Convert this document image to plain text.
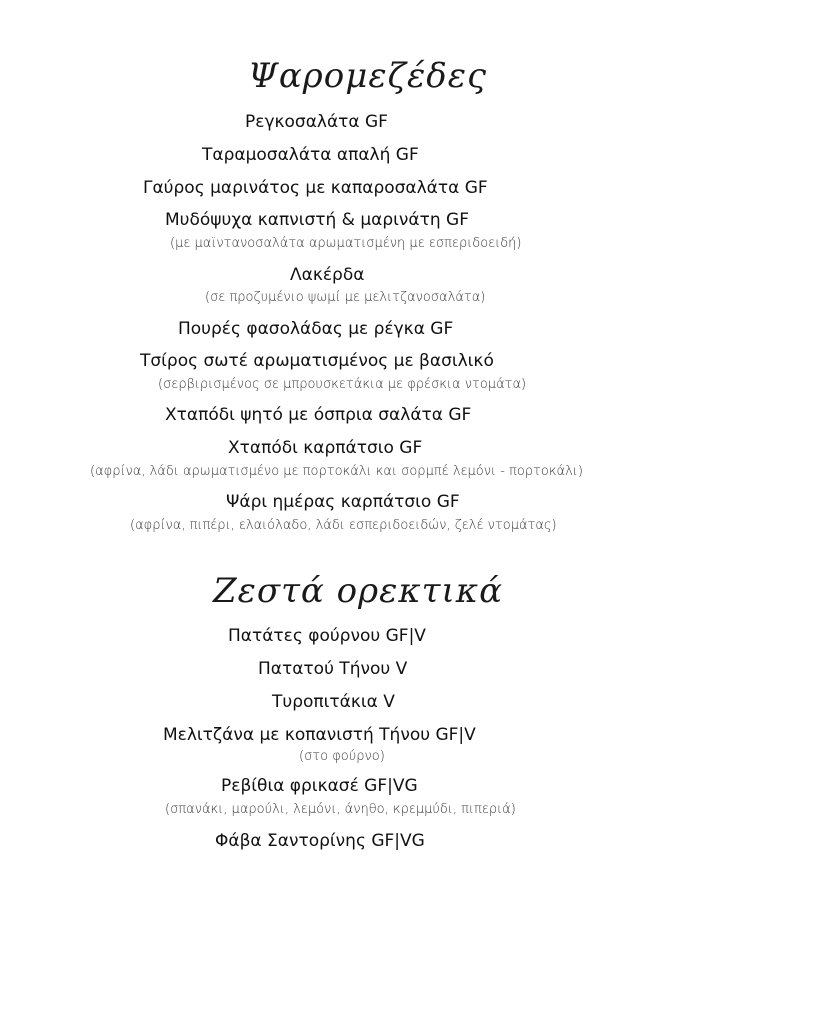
Ψαρομεζέδες
Ρεγκοσαλάτα GF
Ταραμοσαλάτα απαλή GF
Γαύρος μαρινάτος με καπαροσαλάτα GF
Μυδόψυχα καπνιστή & μαρινάτη GF
(με μαϊντανοσαλάτα αρωματισμένη με εσπεριδοειδή)
Λακέρδα
(σε προζυμένιο ψωμί με μελιτζανοσαλάτα)
Πουρές φασολάδας με ρέγκα GF
Τσίρος σωτέ αρωματισμένος με βασιλικό
(σερβιρισμένος σε μπρουσκετάκια με φρέσκια ντομάτα)
Χταπόδι ψητό με όσπρια σαλάτα GF
Χταπόδι καρπάτσιο GF
(αφρίνα, λάδι αρωματισμένο με πορτοκάλι και σορμπέ λεμόνι - πορτοκάλι)
Ψάρι ημέρας καρπάτσιο GF
(αφρίνα, πιπέρι, ελαιόλαδο, λάδι εσπεριδοειδών, ζελέ ντομάτας)
Ζεστά ορεκτικά
Πατάτες φούρνου GF|V
Πατατού Τήνου V
Τυροπιτάκια V
Μελιτζάνα με κοπανιστή Τήνου GF|V
(στο φούρνο)
Ρεβίθια φρικασέ GF|VG
(σπανάκι, μαρούλι, λεμόνι, άνηθο, κρεμμύδι, πιπεριά)
Φάβα Σαντορίνης GF|VG
